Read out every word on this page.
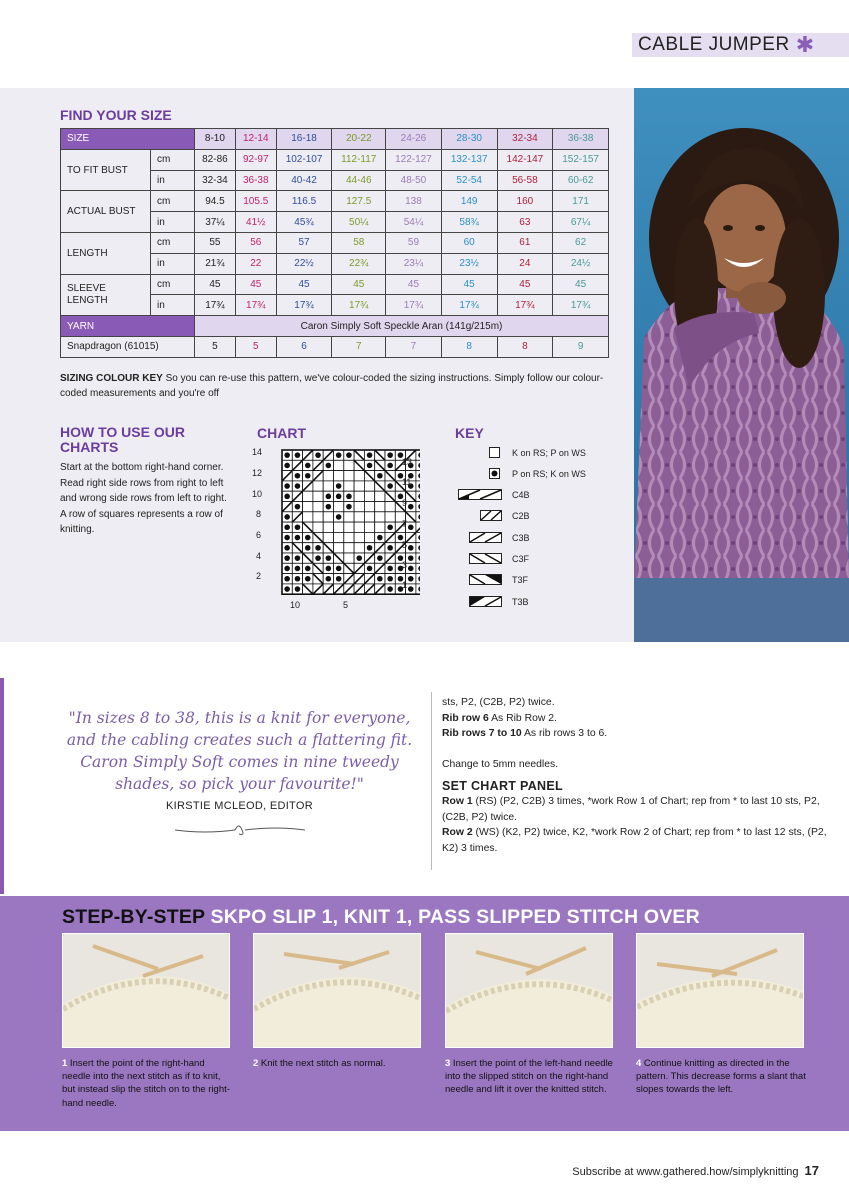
CABLE JUMPER ✱
FIND YOUR SIZE
SIZE		8-10	12-14	16-18	20-22	24-26	28-30	32-34	36-38
TO FIT BUST	cm	82-86	92-97	102-107	112-117	122-127	132-137	142-147	152-157
	in	32-34	36-38	40-42	44-46	48-50	52-54	56-58	60-62
ACTUAL BUST	cm	94.5	105.5	116.5	127.5	138	149	160	171
	in	37¼	41½	45¾	50¼	54¼	58¾	63	67¼
LENGTH	cm	55	56	57	58	59	60	61	62
	in	21¾	22	22½	22¾	23¼	23½	24	24½
SLEEVE LENGTH	cm	45	45	45	45	45	45	45	45
	in	17¾	17¾	17¾	17¾	17¾	17¾	17¾	17¾
YARN		Caron Simply Soft Speckle Aran (141g/215m)							
Snapdragon (61015)		5	5	6	7	7	8	8	9
SIZING COLOUR KEY So you can re-use this pattern, we've colour-coded the sizing instructions. Simply follow our colour-coded measurements and you're off
HOW TO USE OUR CHARTS
Start at the bottom right-hand corner. Read right side rows from right to left and wrong side rows from left to right. A row of squares represents a row of knitting.
CHART
14
12
10
8
6
4
2
13
11
9
7
5
3
1
10	5
KEY
K on RS; P on WS
P on RS; K on WS
C4B
C2B
C3B
C3F
T3F
T3B
"In sizes 8 to 38, this is a knit for everyone, and the cabling creates such a flattering fit. Caron Simply Soft comes in nine tweedy shades, so pick your favourite!"
KIRSTIE MCLEOD, EDITOR

sts, P2, (C2B, P2) twice.

Rib row 6 As Rib Row 2.

Rib rows 7 to 10 As rib rows 3 to 6.

Change to 5mm needles.

SET CHART PANEL

Row 1 (RS) (P2, C2B) 3 times, *work Row 1 of Chart; rep from * to last 10 sts, P2, (C2B, P2) twice.

Row 2 (WS) (K2, P2) twice, K2, *work Row 2 of Chart; rep from * to last 12 sts, (P2, K2) 3 times.

STEP-BY-STEP SKPO SLIP 1, KNIT 1, PASS SLIPPED STITCH OVER
1 Insert the point of the right-hand needle into the next stitch as if to knit, but instead slip the stitch on to the right-hand needle.
2 Knit the next stitch as normal.	3 Insert the point of the left-hand needle into the slipped stitch on the right-hand needle and lift it over the knitted stitch.
4 Continue knitting as directed in the pattern. This decrease forms a slant that slopes towards the left.
Subscribe at www.gathered.how/simplyknitting 17
